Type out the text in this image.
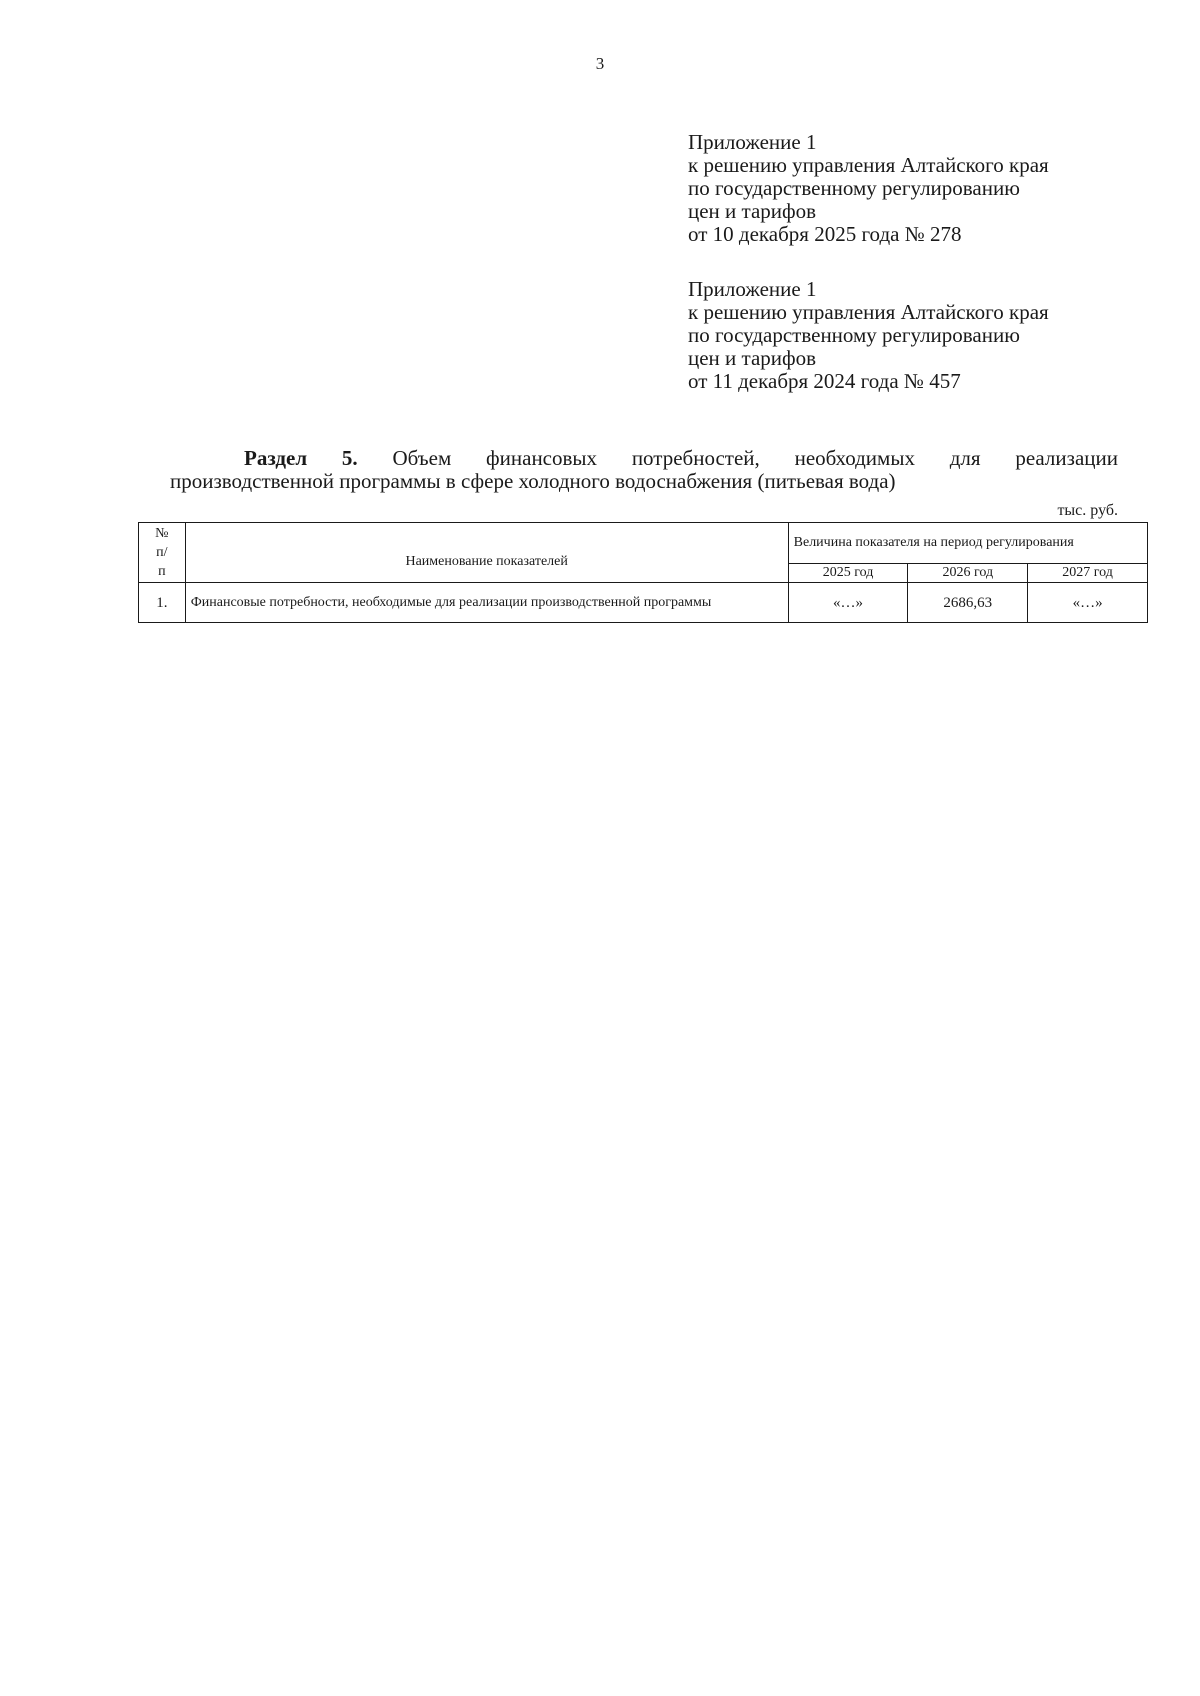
3
Приложение 1
к решению управления Алтайского края
по государственному регулированию
цен и тарифов
от 10 декабря 2025 года № 278
Приложение 1
к решению управления Алтайского края
по государственному регулированию
цен и тарифов
от 11 декабря 2024 года № 457
Раздел 5. Объем финансовых потребностей, необходимых для реализации
производственной программы в сфере холодного водоснабжения (питьевая вода)
тыс. руб.
№
п/
п	Наименование показателей	Величина показателя на период регулирования		
		2025 год	2026 год	2027 год
1.	Финансовые потребности, необходимые для реализации производственной программы	«…»	2686,63	«…»
